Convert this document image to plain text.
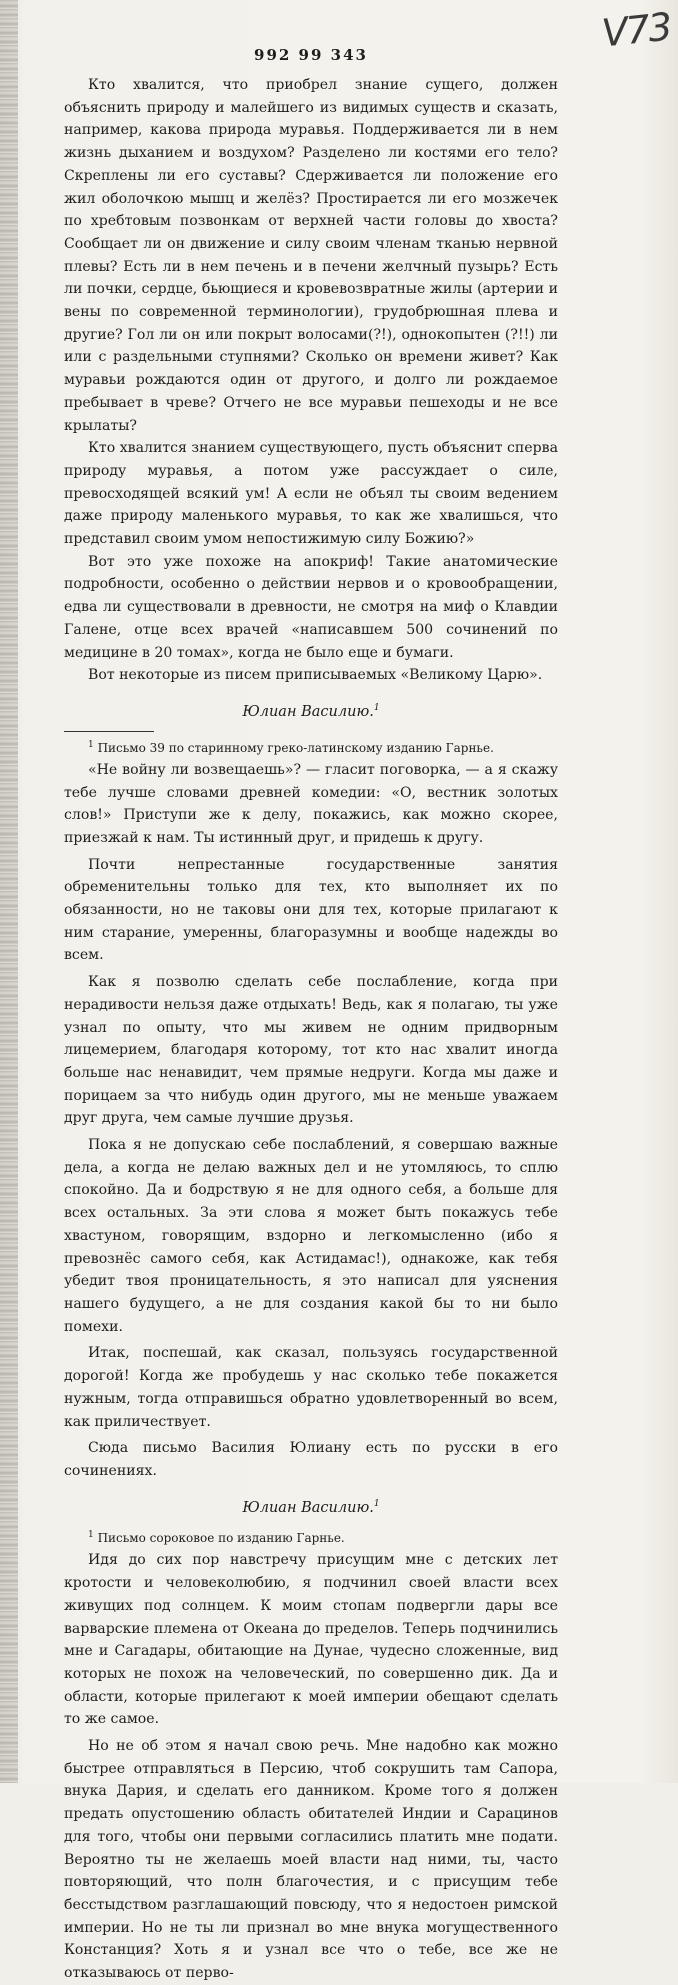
V73
992 99 343

Кто хвалится, что приобрел знание сущего, должен объяснить природу и малейшего из видимых существ и сказать, например, какова природа муравья. Поддерживается ли в нем жизнь дыханием и воздухом? Разделено ли костями его тело? Скреплены ли его суставы? Сдерживается ли положение его жил оболочкою мышц и желёз? Простирается ли его мозжечек по хребтовым позвонкам от верхней части головы до хвоста? Сообщает ли он движение и силу своим членам тканью нервной плевы? Есть ли в нем печень и в печени желчный пузырь? Есть ли почки, сердце, бьющиеся и кровевозвратные жилы (артерии и вены по современной терминологии), грудобрюшная плева и другие? Гол ли он или покрыт волосами(?!), однокопытен (?!!) ли или с раздельными ступнями? Сколько он времени живет? Как муравьи рождаются один от другого, и долго ли рождаемое пребывает в чреве? Отчего не все муравьи пешеходы и не все крылаты?

Кто хвалится знанием существующего, пусть объяснит сперва природу муравья, а потом уже рассуждает о силе, превосходящей всякий ум! А если не объял ты своим ведением даже природу маленького муравья, то как же хвалишься, что представил своим умом непостижимую силу Божию?»

Вот это уже похоже на апокриф! Такие анатомические подробности, особенно о действии нервов и о кровообращении, едва ли существовали в древности, не смотря на миф о Клавдии Галене, отце всех врачей «написавшем 500 сочинений по медицине в 20 томах», когда не было еще и бумаги.

Вот некоторые из писем приписываемых «Великому Царю».

Юлиан Василию.$^1$

$^1$ Письмо 39 по старинному греко-латинскому изданию Гарнье.

«Не войну ли возвещаешь»? — гласит поговорка, — а я скажу тебе лучше словами древней комедии: «О, вестник золотых слов!» Приступи же к делу, покажись, как можно скорее, приезжай к нам. Ты истинный друг, и придешь к другу.

Почти непрестанные государственные занятия обременительны только для тех, кто выполняет их по обязанности, но не таковы они для тех, которые прилагают к ним старание, умеренны, благоразумны и вообще надежды во всем.

Как я позволю сделать себе послабление, когда при нерадивости нельзя даже отдыхать! Ведь, как я полагаю, ты уже узнал по опыту, что мы живем не одним придворным лицемерием, благодаря которому, тот кто нас хвалит иногда больше нас ненавидит, чем прямые недруги. Когда мы даже и порицаем за что нибудь один другого, мы не меньше уважаем друг друга, чем самые лучшие друзья.

Пока я не допускаю себе послаблений, я совершаю важные дела, а когда не делаю важных дел и не утомляюсь, то сплю спокойно. Да и бодрствую я не для одного себя, а больше для всех остальных. За эти слова я может быть покажусь тебе хвастуном, говорящим, вздорно и легкомысленно (ибо я превознёс самого себя, как Астидамас!), однакоже, как тебя убедит твоя проницательность, я это написал для уяснения нашего будущего, а не для создания какой бы то ни было помехи.

Итак, поспешай, как сказал, пользуясь государственной дорогой! Когда же пробудешь у нас сколько тебе покажется нужным, тогда отправишься обратно удовлетворенный во всем, как приличествует.

Сюда письмо Василия Юлиану есть по русски в его сочинениях.

Юлиан Василию.$^1$

$^1$ Письмо сороковое по изданию Гарнье.

Идя до сих пор навстречу присущим мне с детских лет кротости и человеколюбию, я подчинил своей власти всех живущих под солнцем. К моим стопам подвергли дары все варварские племена от Океана до пределов. Теперь подчинились мне и Сагадары, обитающие на Дунае, чудесно сложенные, вид которых не похож на человеческий, по совершенно дик. Да и области, которые прилегают к моей империи обещают сделать то же самое.

Но не об этом я начал свою речь. Мне надобно как можно быстрее отправляться в Персию, чтоб сокрушить там Сапора, внука Дария, и сделать его данником. Кроме того я должен предать опустошению область обитателей Индии и Сарацинов для того, чтобы они первыми согласились платить мне подати. Вероятно ты не желаешь моей власти над ними, ты, часто повторяющий, что полн благочестия, и с присущим тебе бесстыдством разглашающий повсюду, что я недостоен римской империи. Но не ты ли признал во мне внука могущественного Констанция? Хоть я и узнал все что о тебе, все же не отказываюсь от перво-
